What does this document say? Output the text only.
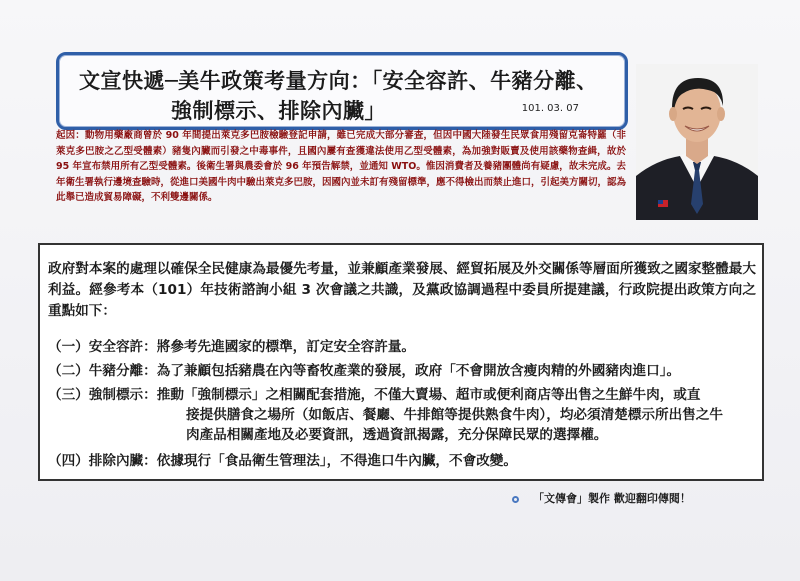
文宣快遞─美牛政策考量方向：「安全容許、牛豬分離、
強制標示、排除內臟」	101. 03. 07
起因：動物用藥廠商曾於 90 年間提出萊克多巴胺檢驗登記申請，雖已完成大部分審查，但因中國大陸發生民眾食用殘留克崙特羅（非萊克多巴胺之乙型受體素）豬隻內臟而引發之中毒事件，且國內屢有查獲違法使用乙型受體素，為加強對販賣及使用該藥物查緝，故於 95 年宣布禁用所有乙型受體素。後衛生署與農委會於 96 年預告解禁，並通知 WTO。惟因消費者及養豬團體尚有疑慮，故未完成。去年衛生署執行邊境查驗時，從進口美國牛肉中驗出萊克多巴胺，因國內並未訂有殘留標準，應不得檢出而禁止進口，引起美方關切，認為此舉已造成貿易障礙，不利雙邊關係。
政府對本案的處理以確保全民健康為最優先考量，並兼顧產業發展、經貿拓展及外交關係等層面所獲致之國家整體最大利益。經參考本（101）年技術諮詢小組 3 次會議之共識，及黨政協調過程中委員所提建議，行政院提出政策方向之重點如下：
（一）安全容許：將參考先進國家的標準，訂定安全容許量。
（二）牛豬分離：為了兼顧包括豬農在內等畜牧產業的發展，政府「不會開放含瘦肉精的外國豬肉進口」。
（三）強制標示：推動「強制標示」之相關配套措施，不僅大賣場、超市或便利商店等出售之生鮮牛肉，或直
接提供膳食之場所（如飯店、餐廳、牛排館等提供熟食牛肉），均必須清楚標示所出售之牛
肉產品相關產地及必要資訊，透過資訊揭露，充分保障民眾的選擇權。
（四）排除內臟：依據現行「食品衛生管理法」，不得進口牛內臟，不會改變。
「文傳會」製作 歡迎翻印傳閱！
